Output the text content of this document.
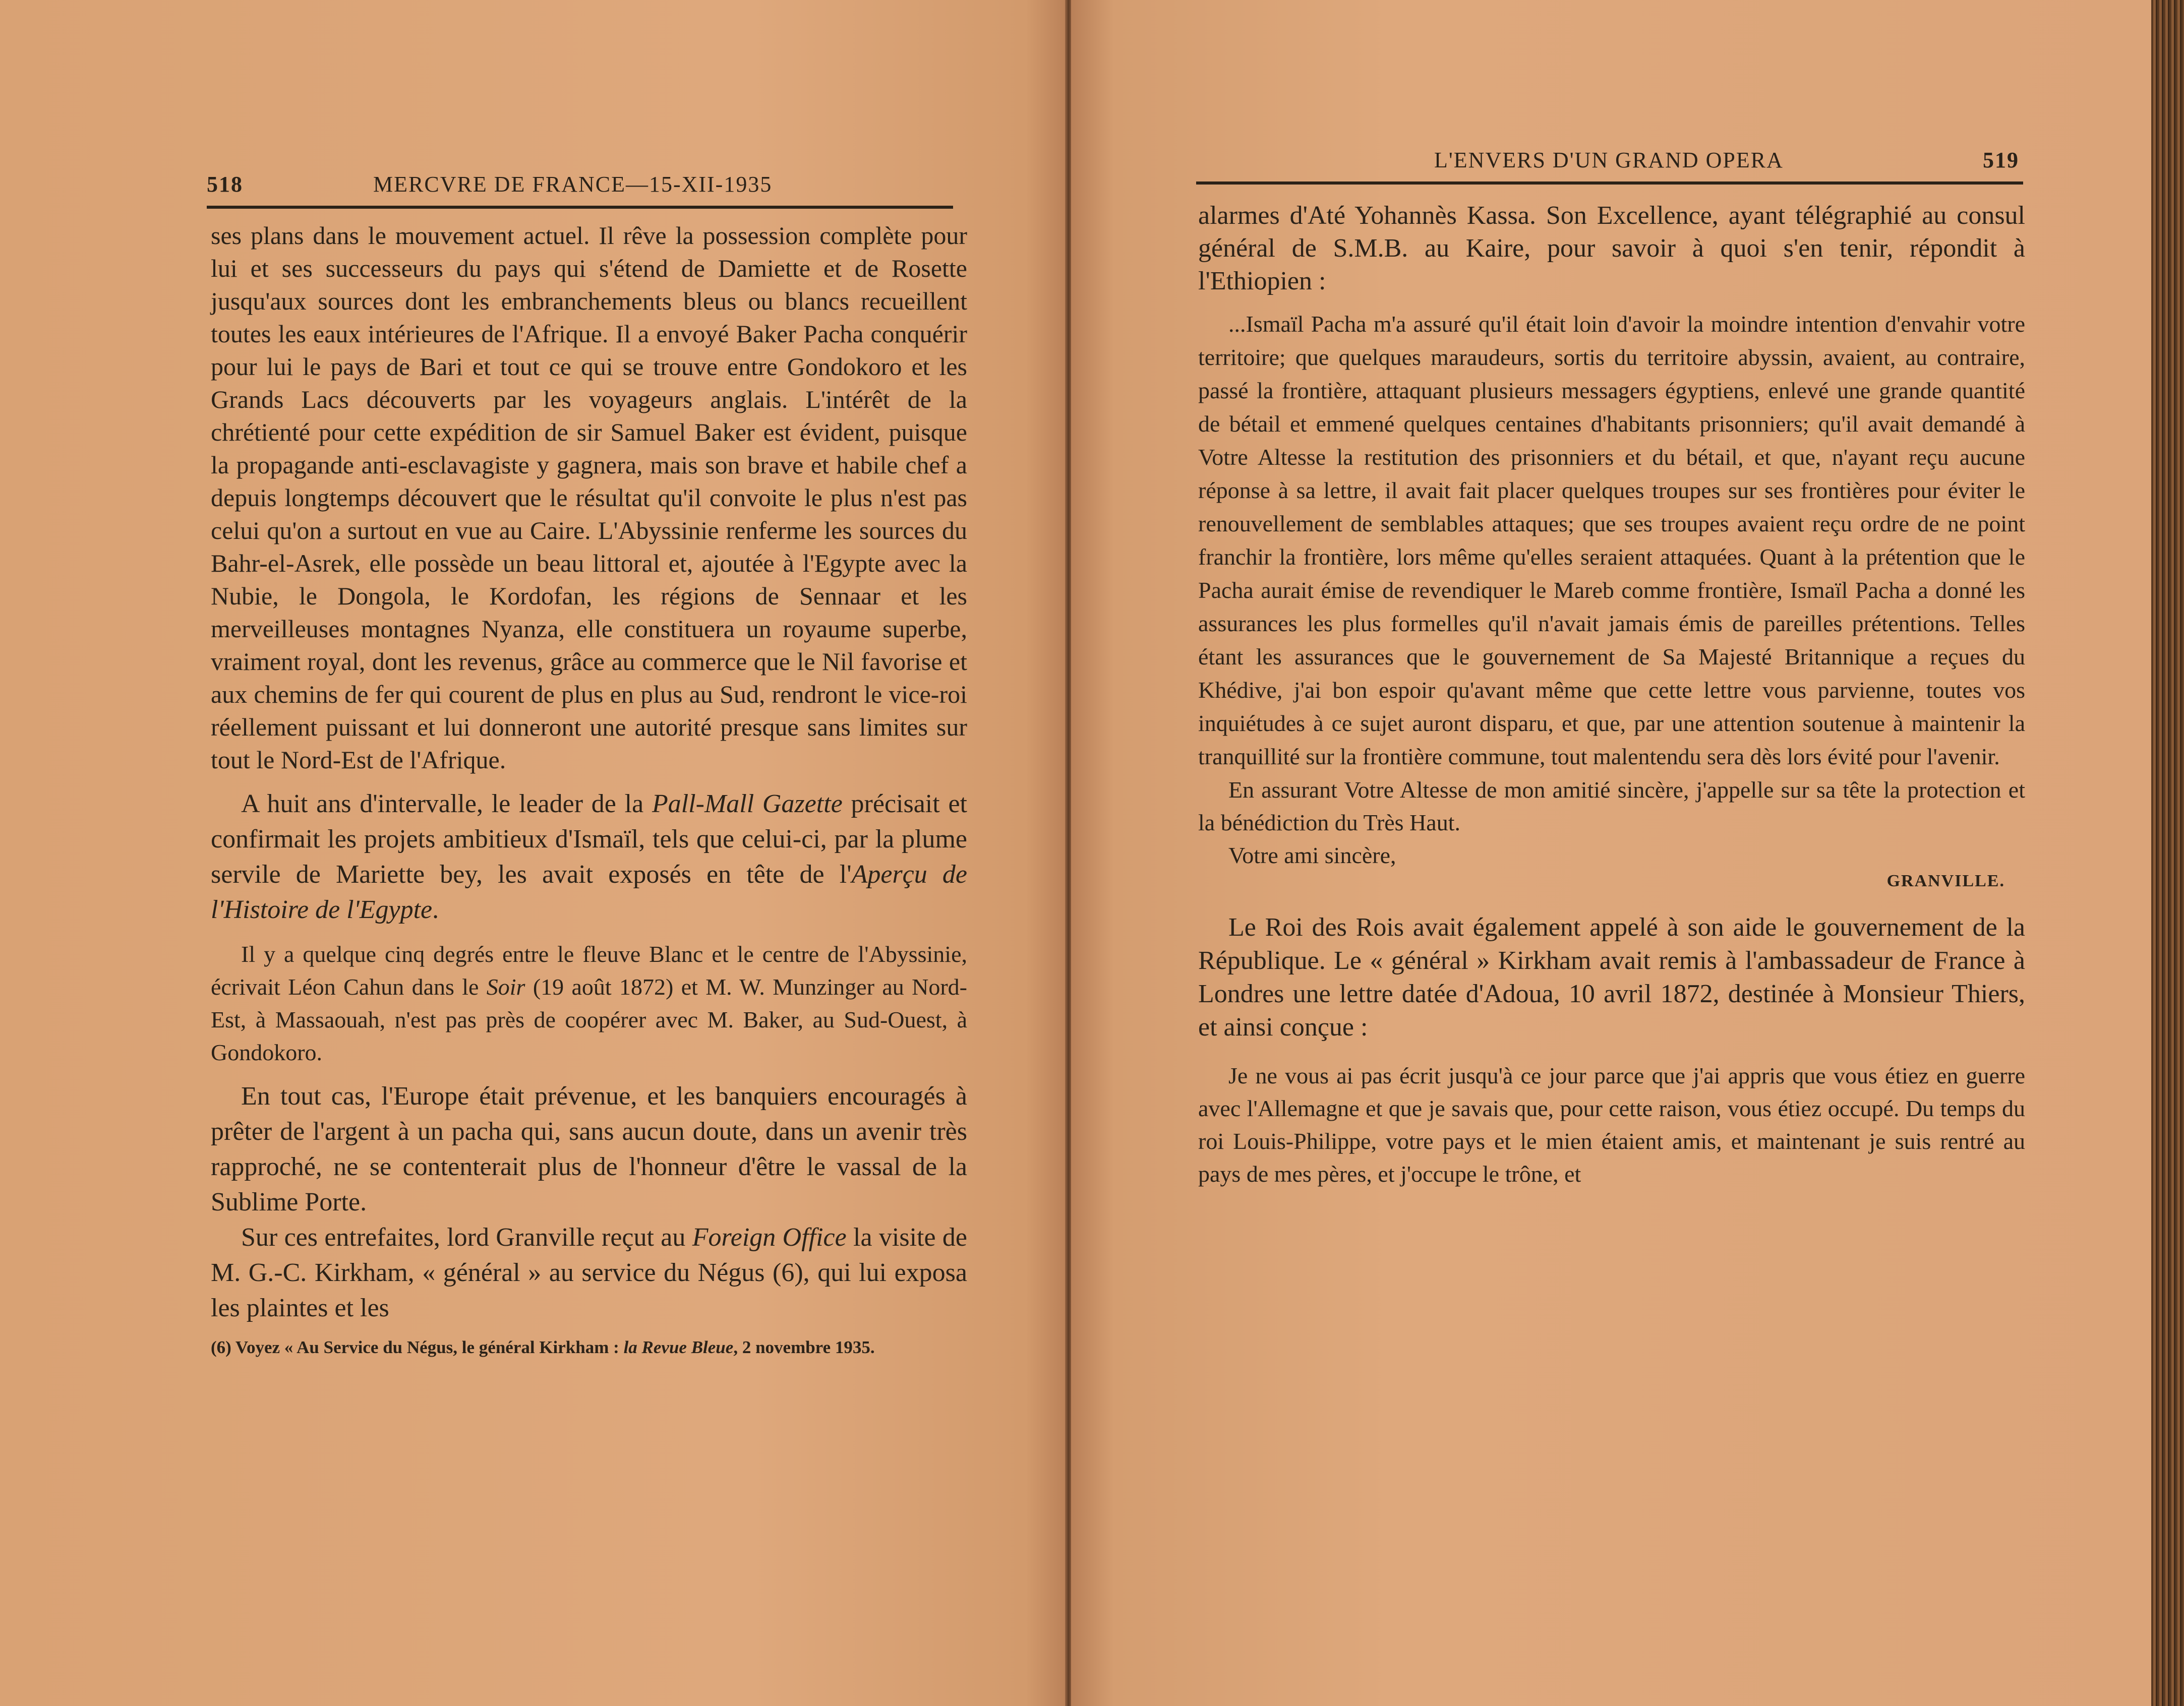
518	MERCVRE DE FRANCE—15-XII-1935

ses plans dans le mouvement actuel. Il rêve la possession complète pour lui et ses successeurs du pays qui s'étend de Damiette et de Rosette jusqu'aux sources dont les embranchements bleus ou blancs recueillent toutes les eaux intérieures de l'Afrique. Il a envoyé Baker Pacha conquérir pour lui le pays de Bari et tout ce qui se trouve entre Gondokoro et les Grands Lacs découverts par les voyageurs anglais. L'intérêt de la chrétienté pour cette expédition de sir Samuel Baker est évident, puisque la propagande anti-esclavagiste y gagnera, mais son brave et habile chef a depuis longtemps découvert que le résultat qu'il convoite le plus n'est pas celui qu'on a surtout en vue au Caire. L'Abyssinie renferme les sources du Bahr-el-Asrek, elle possède un beau littoral et, ajoutée à l'Egypte avec la Nubie, le Dongola, le Kordofan, les régions de Sennaar et les merveilleuses montagnes Nyanza, elle constituera un royaume superbe, vraiment royal, dont les revenus, grâce au commerce que le Nil favorise et aux chemins de fer qui courent de plus en plus au Sud, rendront le vice-roi réellement puissant et lui donneront une autorité presque sans limites sur tout le Nord-Est de l'Afrique.

A huit ans d'intervalle, le leader de la Pall-Mall Gazette précisait et confirmait les projets ambitieux d'Ismaïl, tels que celui-ci, par la plume servile de Mariette bey, les avait exposés en tête de l'Aperçu de l'Histoire de l'Egypte.

Il y a quelque cinq degrés entre le fleuve Blanc et le centre de l'Abyssinie, écrivait Léon Cahun dans le Soir (19 août 1872) et M. W. Munzinger au Nord-Est, à Massaouah, n'est pas près de coopérer avec M. Baker, au Sud-Ouest, à Gondokoro.

En tout cas, l'Europe était prévenue, et les banquiers encouragés à prêter de l'argent à un pacha qui, sans aucun doute, dans un avenir très rapproché, ne se contenterait plus de l'honneur d'être le vassal de la Sublime Porte.

Sur ces entrefaites, lord Granville reçut au Foreign Office la visite de M. G.-C. Kirkham, « général » au service du Négus (6), qui lui exposa les plaintes et les

(6) Voyez « Au Service du Négus, le général Kirkham : la Revue Bleue, 2 novembre 1935.

L'ENVERS D'UN GRAND OPERA	519

alarmes d'Até Yohannès Kassa. Son Excellence, ayant télégraphié au consul général de S.M.B. au Kaire, pour savoir à quoi s'en tenir, répondit à l'Ethiopien :

...Ismaïl Pacha m'a assuré qu'il était loin d'avoir la moindre intention d'envahir votre territoire; que quelques maraudeurs, sortis du territoire abyssin, avaient, au contraire, passé la frontière, attaquant plusieurs messagers égyptiens, enlevé une grande quantité de bétail et emmené quelques centaines d'habitants prisonniers; qu'il avait demandé à Votre Altesse la restitution des prisonniers et du bétail, et que, n'ayant reçu aucune réponse à sa lettre, il avait fait placer quelques troupes sur ses frontières pour éviter le renouvellement de semblables attaques; que ses troupes avaient reçu ordre de ne point franchir la frontière, lors même qu'elles seraient attaquées. Quant à la prétention que le Pacha aurait émise de revendiquer le Mareb comme frontière, Ismaïl Pacha a donné les assurances les plus formelles qu'il n'avait jamais émis de pareilles prétentions. Telles étant les assurances que le gouvernement de Sa Majesté Britannique a reçues du Khédive, j'ai bon espoir qu'avant même que cette lettre vous parvienne, toutes vos inquiétudes à ce sujet auront disparu, et que, par une attention soutenue à maintenir la tranquillité sur la frontière commune, tout malentendu sera dès lors évité pour l'avenir.

En assurant Votre Altesse de mon amitié sincère, j'appelle sur sa tête la protection et la bénédiction du Très Haut.

Votre ami sincère,

GRANVILLE.

Le Roi des Rois avait également appelé à son aide le gouvernement de la République. Le « général » Kirkham avait remis à l'ambassadeur de France à Londres une lettre datée d'Adoua, 10 avril 1872, destinée à Monsieur Thiers, et ainsi conçue :

Je ne vous ai pas écrit jusqu'à ce jour parce que j'ai appris que vous étiez en guerre avec l'Allemagne et que je savais que, pour cette raison, vous étiez occupé. Du temps du roi Louis-Philippe, votre pays et le mien étaient amis, et maintenant je suis rentré au pays de mes pères, et j'occupe le trône, et
